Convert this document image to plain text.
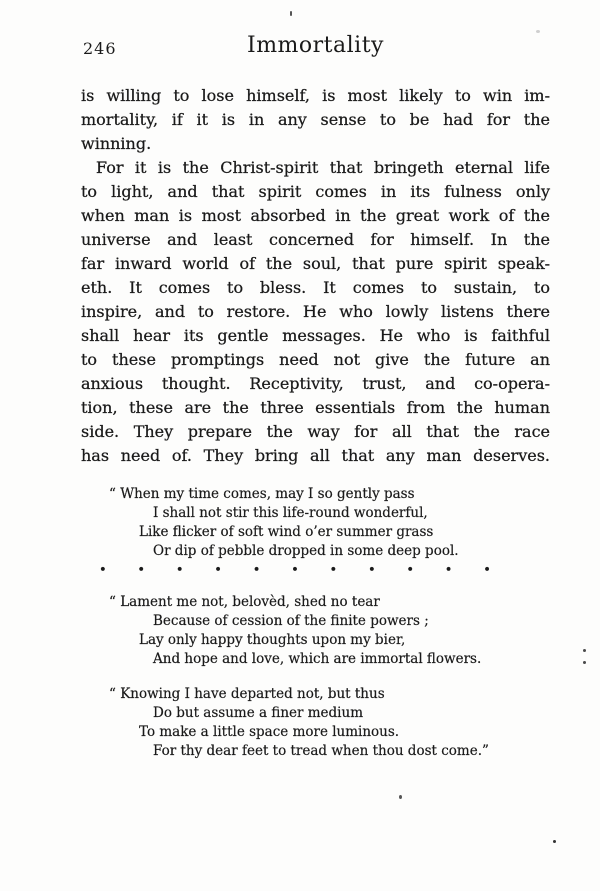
246	Immortality
is willing to lose himself, is most likely to win im-
mortality, if it is in any sense to be had for the
winning.
For it is the Christ-spirit that bringeth eternal life
to light, and that spirit comes in its fulness only
when man is most absorbed in the great work of the
universe and least concerned for himself. In the
far inward world of the soul, that pure spirit speak-
eth. It comes to bless. It comes to sustain, to
inspire, and to restore. He who lowly listens there
shall hear its gentle messages. He who is faithful
to these promptings need not give the future an
anxious thought. Receptivity, trust, and co-opera-
tion, these are the three essentials from the human
side. They prepare the way for all that the race
has need of. They bring all that any man deserves.
“ When my time comes, may I so gently pass
I shall not stir this life-round wonderful,
Like flicker of soft wind o’er summer grass
Or dip of pebble dropped in some deep pool.
• • • • • • • • • • •
“ Lament me not, belovèd, shed no tear
Because of cession of the finite powers ;
Lay only happy thoughts upon my bier,
And hope and love, which are immortal flowers.
“ Knowing I have departed not, but thus
Do but assume a finer medium
To make a little space more luminous.
For thy dear feet to tread when thou dost come.”
